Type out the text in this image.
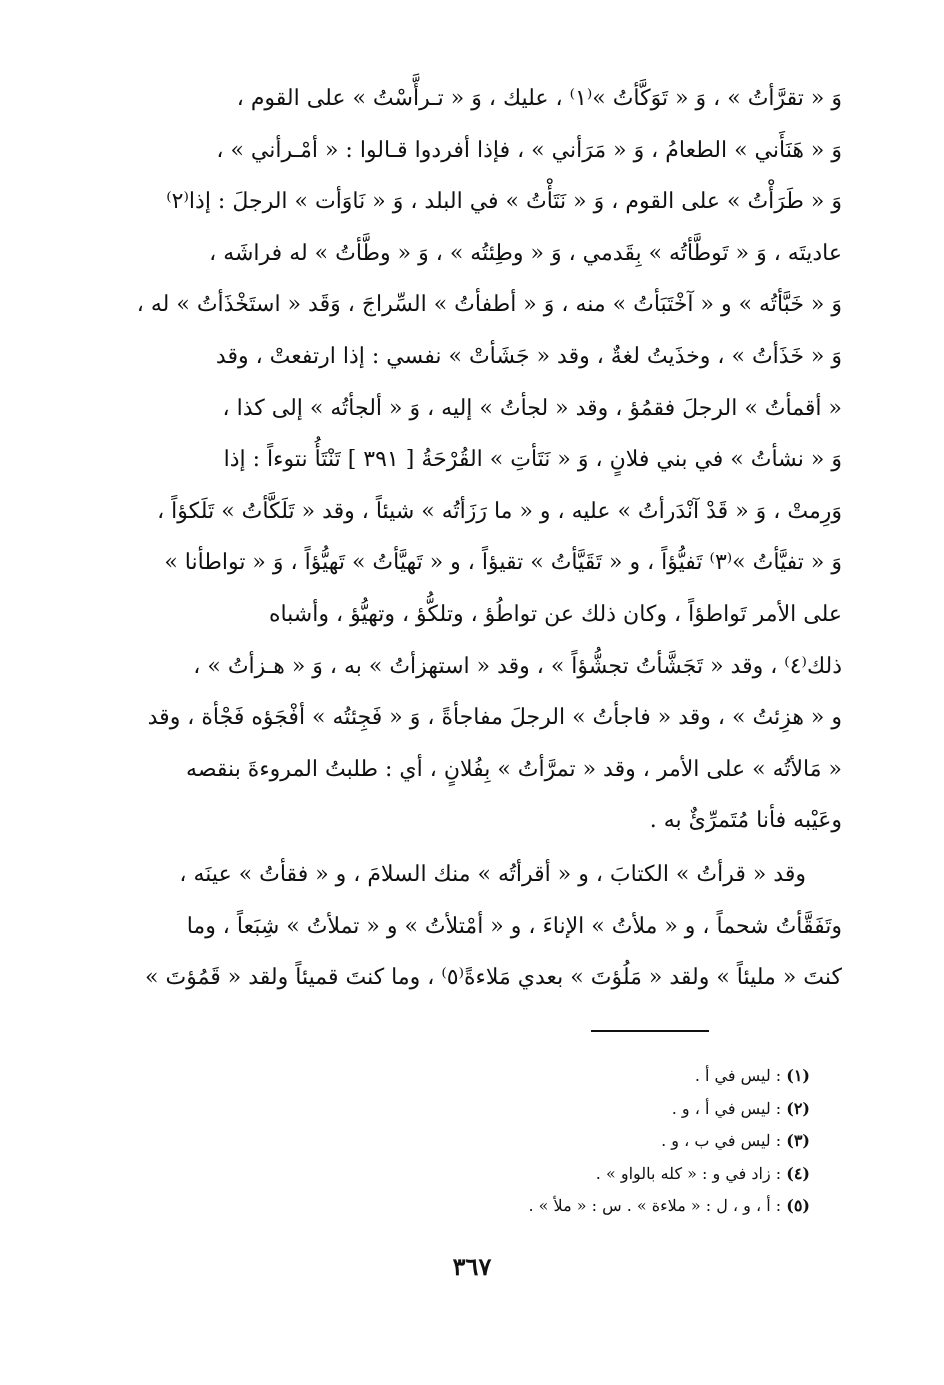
وَ « تقرَّأتُ » ، وَ « تَوَكَّأتُ »⁽١⁾ ، عليك ، وَ « تـرأَّسْتُ » على القوم ،
وَ « هَنَأَني » الطعامُ ، وَ « مَرَأني » ، فإذا أفردوا قـالوا : « أمْـرأني » ،
وَ « طَرَأْتُ » على القوم ، وَ « نَتَأْتُ » في البلد ، وَ « نَاوَأت » الرجلَ : إذا⁽٢⁾
عاديتَه ، وَ « تَوطَّأتُه » بِقَدمي ، وَ « وطِئتُه » ، وَ « وطَّأتُ » له فراشَه ،
وَ « خَبَّأتُه » و « آخْتَبَأتُ » منه ، وَ « أطفأتُ » السِّراجَ ، وَقَد « استَخْذَأتُ » له ،
وَ « خَذَأتُ » ، وخذَيتُ لغةٌ ، وقد « جَشَأتْ » نفسي : إذا ارتفعتْ ، وقد
« أقمأتُ » الرجلَ فقمُؤ ، وقد « لجأتُ » إليه ، وَ « ألجأتُه » إلى كذا ،
وَ « نشأتُ » في بني فلانٍ ، وَ « نَتَأتِ » القُرْحَةُ [ ٣٩١ ] تَنْتَأُ نتوءاً : إذا
وَرِمتْ ، وَ « قَدْ آنْدَرأتُ » عليه ، و « ما رَزَأتُه » شيئاً ، وقد « تَلَكَّأتُ » تَلَكؤاً ،
وَ « تفيَّأتُ »⁽٣⁾ تَفيُّؤاً ، و « تَقَيَّأتُ » تقيؤاً ، و « تَهيَّأتُ » تَهيُّؤاً ، وَ « تواطأنا »
على الأمر تَواطؤاً ، وكان ذلك عن تواطُؤ ، وتلكُّؤ ، وتهيُّؤ ، وأشباه
ذلك⁽٤⁾ ، وقد « تَجَشَّأتُ تجشُّؤاً » ، وقد « استهزأتُ » به ، وَ « هـزأتُ » ،
و « هزِئتُ » ، وقد « فاجأتُ » الرجلَ مفاجأةً ، وَ « فَجِئتُه » أفْجَؤه فَجْأة ، وقد
« مَالأتُه » على الأمر ، وقد « تمرَّأتُ » بِفُلانٍ ، أي : طلبتُ المروءةَ بنقصه
وعَيْبه فأنا مُتَمرِّئٌ به .
وقد « قرأتُ » الكتابَ ، و « أقرأتُه » منك السلامَ ، و « فقأتُ » عينَه ،
وتَفَقَّأتُ شحماً ، و « ملأتُ » الإناءَ ، و « أمْتلأتُ » و « تملأتُ » شِبَعاً ، وما
كنتَ « مليئاً » ولقد « مَلُؤتَ » بعدي مَلاءةً⁽٥⁾ ، وما كنتَ قميئاً ولقد « قَمُؤتَ »
(١) : ليس في أ .
(٢) : ليس في أ ، و .
(٣) : ليس في ب ، و .
(٤) : زاد في و : « كله بالواو » .
(٥) : أ ، و ، ل : « ملاءة » . س : « ملأ » .
٣٦٧
